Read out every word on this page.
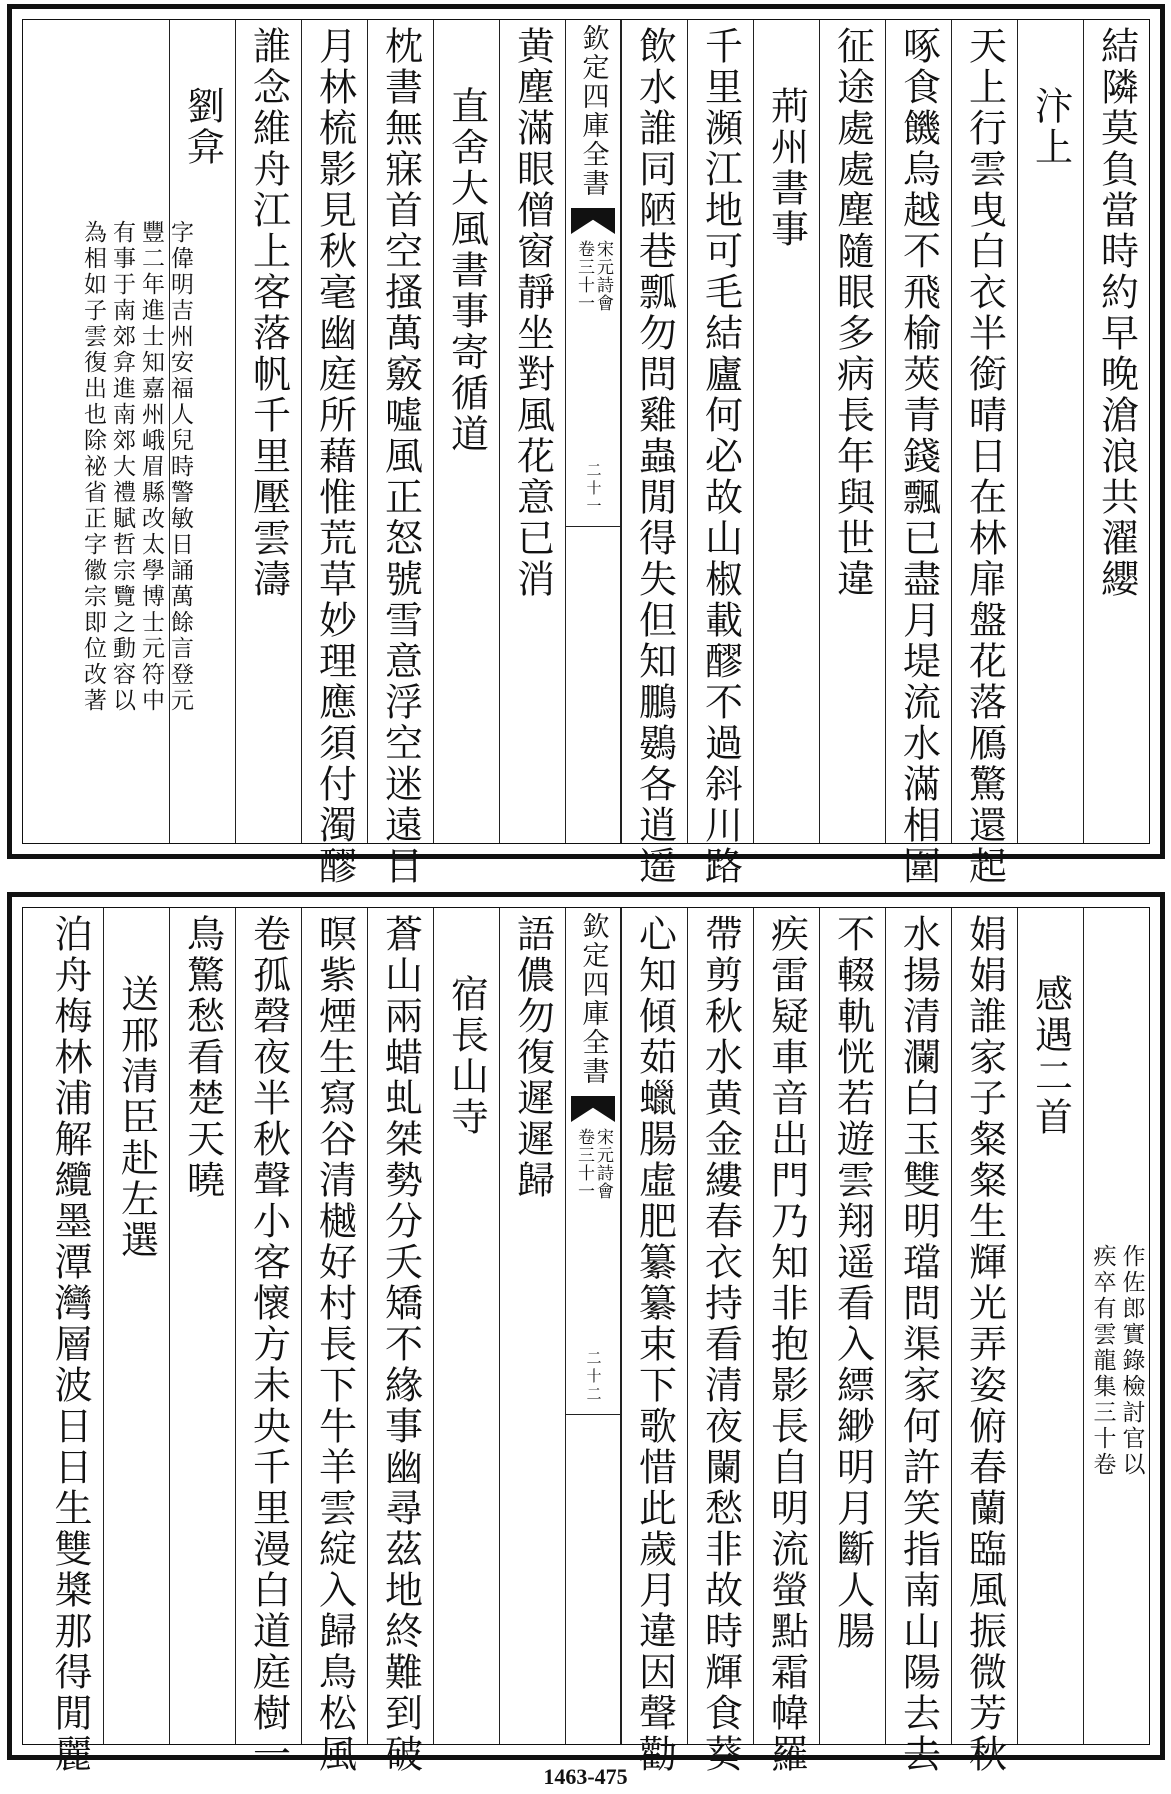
結隣莫負當時約早晚滄浪共濯纓
汴上
天上行雲曳白衣半銜晴日在林扉盤花落鴈驚還起
啄食饑烏越不飛榆莢青錢飄已盡月堤流水滿相圍
征途處處塵隨眼多病長年與世違
荊州書事
千里瀕江地可毛結廬何必故山椒載醪不過斜川路
飲水誰同陋巷瓢勿問雞蟲閒得失但知鵬鷃各逍遥
欽定四庫全書
宋元詩會
卷三十一
二十一
黄塵滿眼僧窗靜坐對風花意已消
直舍大風書事寄循道
枕書無寐首空搔萬竅噓風正怒號雪意浮空迷遠目
月林梳影見秋毫幽庭所藉惟荒草妙理應須付濁醪
誰念維舟江上客落帆千里壓雲濤
劉弇
字偉明吉州安福人兒時警敏日誦萬餘言登元
豐二年進士知嘉州峨眉縣改太學博士元符中
有事于南郊弇進南郊大禮賦哲宗覽之動容以
為相如子雲復出也除祕省正字徽宗即位改著
作佐郎實錄檢討官以
疾卒有雲龍集三十卷
感遇二首
娟娟誰家子粲粲生輝光弄姿俯春蘭臨風振微芳秋
水揚清瀾白玉雙明璫問渠家何許笑指南山陽去去
不輟軌恍若遊雲翔遥看入縹緲明月斷人腸
疾雷疑車音出門乃知非抱影長自明流螢點霜幃羅
帶剪秋水黄金縷春衣持看清夜闌愁非故時輝食葵
心知傾茹蠟腸虛肥纂纂束下歌惜此歲月違因聲勸
欽定四庫全書
宋元詩會
卷三十一
二十二
語儂勿復遲遲歸
宿長山寺
蒼山兩蜡虬桀勢分夭矯不緣事幽尋茲地終難到破
暝紫煙生寫谷清樾好村長下牛羊雲綻入歸鳥松風
卷孤磬夜半秋聲小客懷方未央千里漫白道庭樹一
鳥驚愁看楚天曉
送邢清臣赴左選
泊舟梅林浦解纜墨潭灣層波日日生雙槳那得閒麗
1463-475
